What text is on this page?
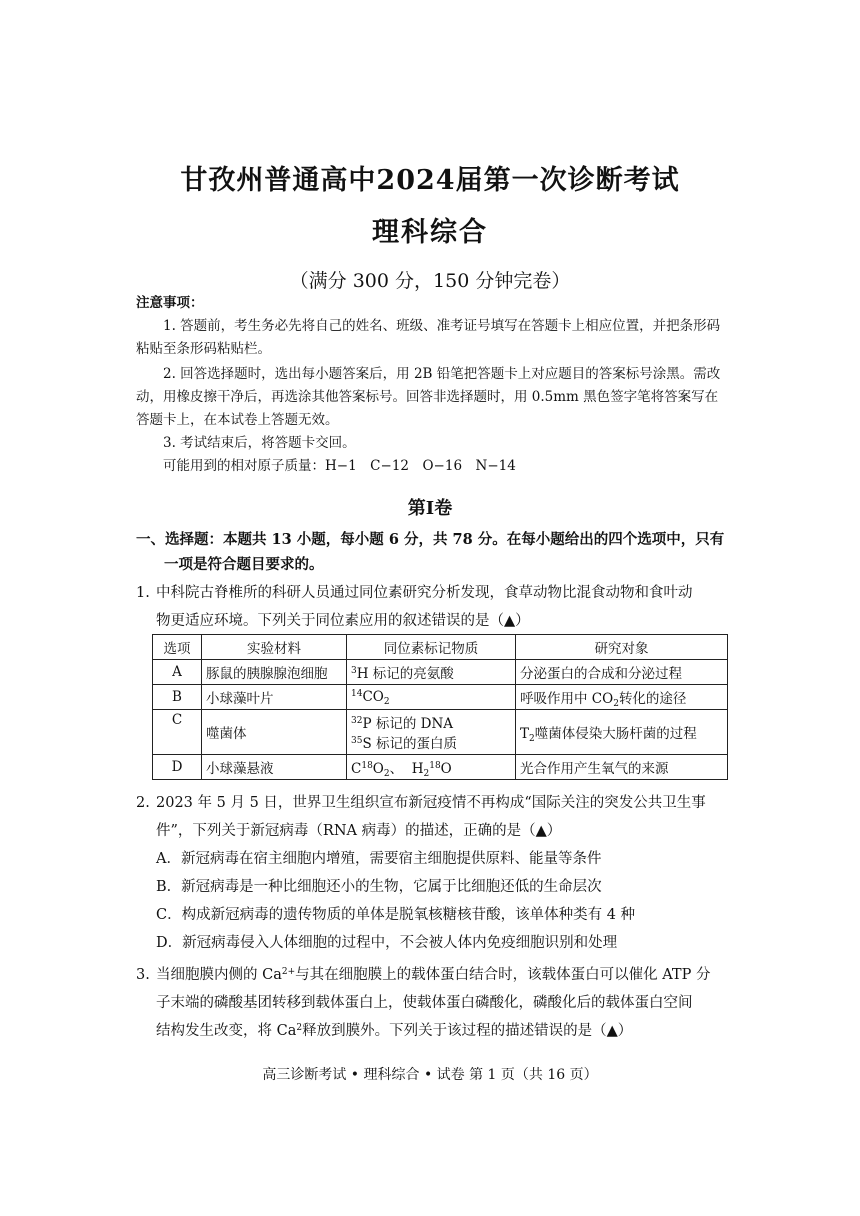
甘孜州普通高中2024届第一次诊断考试
理科综合
（满分 300 分，150 分钟完卷）
注意事项：
1. 答题前，考生务必先将自己的姓名、班级、准考证号填写在答题卡上相应位置，并把条形码粘贴至条形码粘贴栏。
2. 回答选择题时，选出每小题答案后，用 2B 铅笔把答题卡上对应题目的答案标号涂黑。需改动，用橡皮擦干净后，再选涂其他答案标号。回答非选择题时，用 0.5mm 黑色签字笔将答案写在答题卡上，在本试卷上答题无效。
3. 考试结束后，将答题卡交回。
可能用到的相对原子质量：H−1　C−12　O−16　N−14
第Ⅰ卷
一、选择题：本题共 13 小题，每小题 6 分，共 78 分。在每小题给出的四个选项中，只有
一项是符合题目要求的。
1. 中科院古脊椎所的科研人员通过同位素研究分析发现，食草动物比混食动物和食叶动
物更适应环境。下列关于同位素应用的叙述错误的是（▲）
选项	实验材料	同位素标记物质	研究对象
A	豚鼠的胰腺腺泡细胞	$^3$H 标记的亮氨酸	分泌蛋白的合成和分泌过程
B	小球藻叶片	$^{14}CO_2$	呼吸作用中 $CO_2$转化的途径
C	噬菌体	$^{32}$P 标记的 DNA
$^{35}$S 标记的蛋白质	$T_2$噬菌体侵染大肠杆菌的过程
D	小球藻悬液	$C^{18}O_2$、 $H_2^{18}O$	光合作用产生氧气的来源
2. 2023 年 5 月 5 日，世界卫生组织宣布新冠疫情不再构成“国际关注的突发公共卫生事
件”，下列关于新冠病毒（RNA 病毒）的描述，正确的是（▲）
A．新冠病毒在宿主细胞内增殖，需要宿主细胞提供原料、能量等条件
B．新冠病毒是一种比细胞还小的生物，它属于比细胞还低的生命层次
C．构成新冠病毒的遗传物质的单体是脱氧核糖核苷酸，该单体种类有 4 种
D．新冠病毒侵入人体细胞的过程中，不会被人体内免疫细胞识别和处理
3. 当细胞膜内侧的 $Ca^{2+}$与其在细胞膜上的载体蛋白结合时，该载体蛋白可以催化 ATP 分
子末端的磷酸基团转移到载体蛋白上，使载体蛋白磷酸化，磷酸化后的载体蛋白空间
结构发生改变，将 Ca$^2$释放到膜外。下列关于该过程的描述错误的是（▲）
高三诊断考试 • 理科综合 • 试卷 第 1 页（共 16 页）
